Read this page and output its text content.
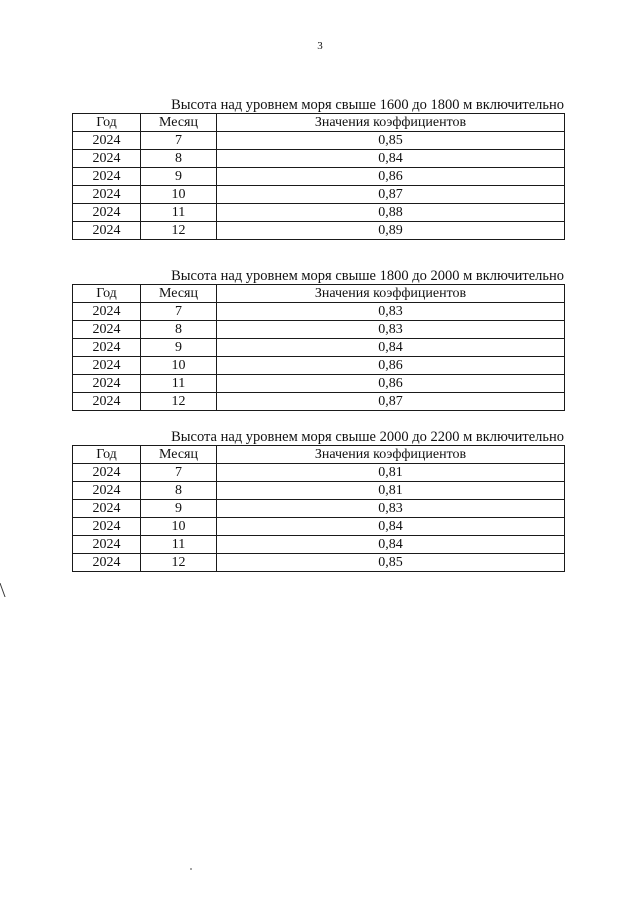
3
Высота над уровнем моря свыше 1600 до 1800 м включительно
Год	Месяц	Значения коэффициентов
2024	7	0,85
2024	8	0,84
2024	9	0,86
2024	10	0,87
2024	11	0,88
2024	12	0,89
Высота над уровнем моря свыше 1800 до 2000 м включительно
Год	Месяц	Значения коэффициентов
2024	7	0,83
2024	8	0,83
2024	9	0,84
2024	10	0,86
2024	11	0,86
2024	12	0,87
Высота над уровнем моря свыше 2000 до 2200 м включительно
Год	Месяц	Значения коэффициентов
2024	7	0,81
2024	8	0,81
2024	9	0,83
2024	10	0,84
2024	11	0,84
2024	12	0,85
